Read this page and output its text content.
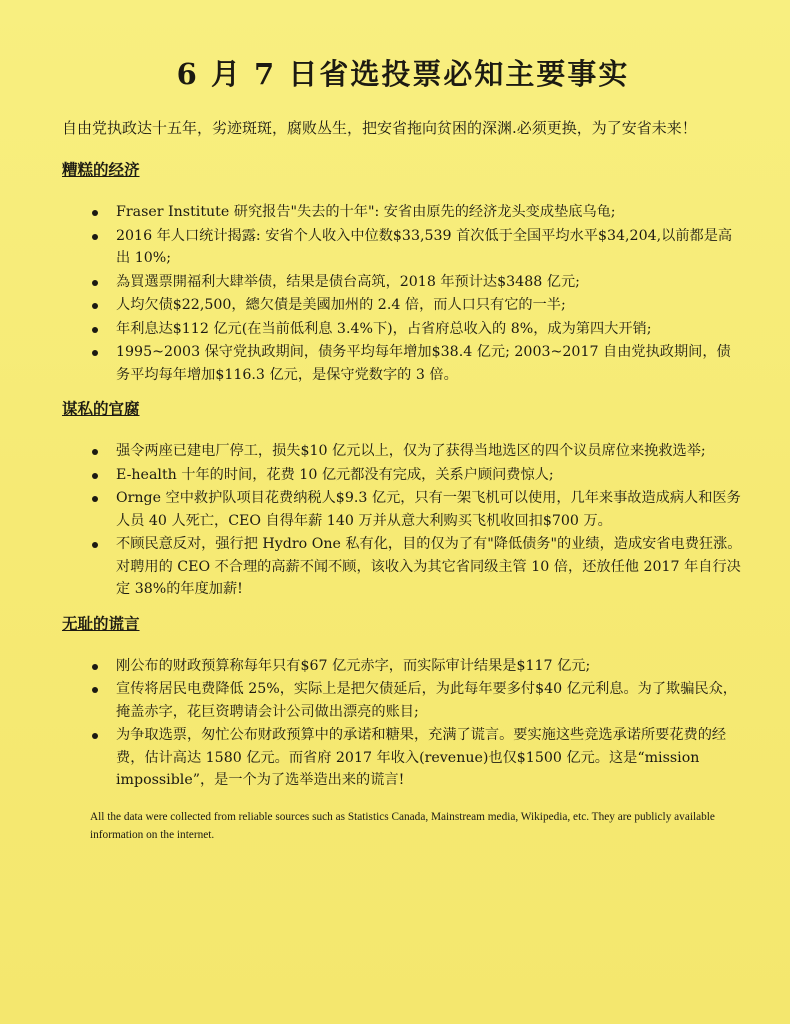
6 月 7 日省选投票必知主要事实

自由党执政达十五年，劣迹斑斑，腐败丛生，把安省拖向贫困的深渊.必须更换，为了安省未来！

糟糕的经济
Fraser Institute 研究报告"失去的十年": 安省由原先的经济龙头变成垫底乌龟;
2016 年人口统计揭露: 安省个人收入中位数$33,539 首次低于全国平均水平$34,204,以前都是高出 10%;
為買選票開福利大肆举债，结果是债台高筑，2018 年预计达$3488 亿元;
人均欠债$22,500，總欠債是美國加州的 2.4 倍，而人口只有它的一半;
年利息达$112 亿元(在当前低利息 3.4%下)，占省府总收入的 8%，成为第四大开销;
1995~2003 保守党执政期间，债务平均每年增加$38.4 亿元; 2003~2017 自由党执政期间，债务平均每年增加$116.3 亿元，是保守党数字的 3 倍。
谋私的官腐
强令两座已建电厂停工，损失$10 亿元以上，仅为了获得当地选区的四个议员席位来挽救选举;
E-health 十年的时间，花费 10 亿元都没有完成，关系户顾问费惊人;
Ornge 空中救护队项目花费纳税人$9.3 亿元，只有一架飞机可以使用，几年来事故造成病人和医务人员 40 人死亡，CEO 自得年薪 140 万并从意大利购买飞机收回扣$700 万。
不顾民意反对，强行把 Hydro One 私有化，目的仅为了有"降低债务"的业绩，造成安省电费狂涨。对聘用的 CEO 不合理的高薪不闻不顾，该收入为其它省同级主管 10 倍，还放任他 2017 年自行决定 38%的年度加薪!
无耻的谎言
刚公布的财政预算称每年只有$67 亿元赤字，而实际审计结果是$117 亿元;
宣传将居民电费降低 25%，实际上是把欠债延后，为此每年要多付$40 亿元利息。为了欺骗民众，掩盖赤字，花巨资聘请会计公司做出漂亮的账目;
为争取选票，匆忙公布财政预算中的承诺和糖果，充满了谎言。要实施这些竞选承诺所要花费的经费，估计高达 1580 亿元。而省府 2017 年收入(revenue)也仅$1500 亿元。这是“mission impossible”，是一个为了选举造出来的谎言!

All the data were collected from reliable sources such as Statistics Canada, Mainstream media, Wikipedia, etc. They are publicly available information on the internet.
